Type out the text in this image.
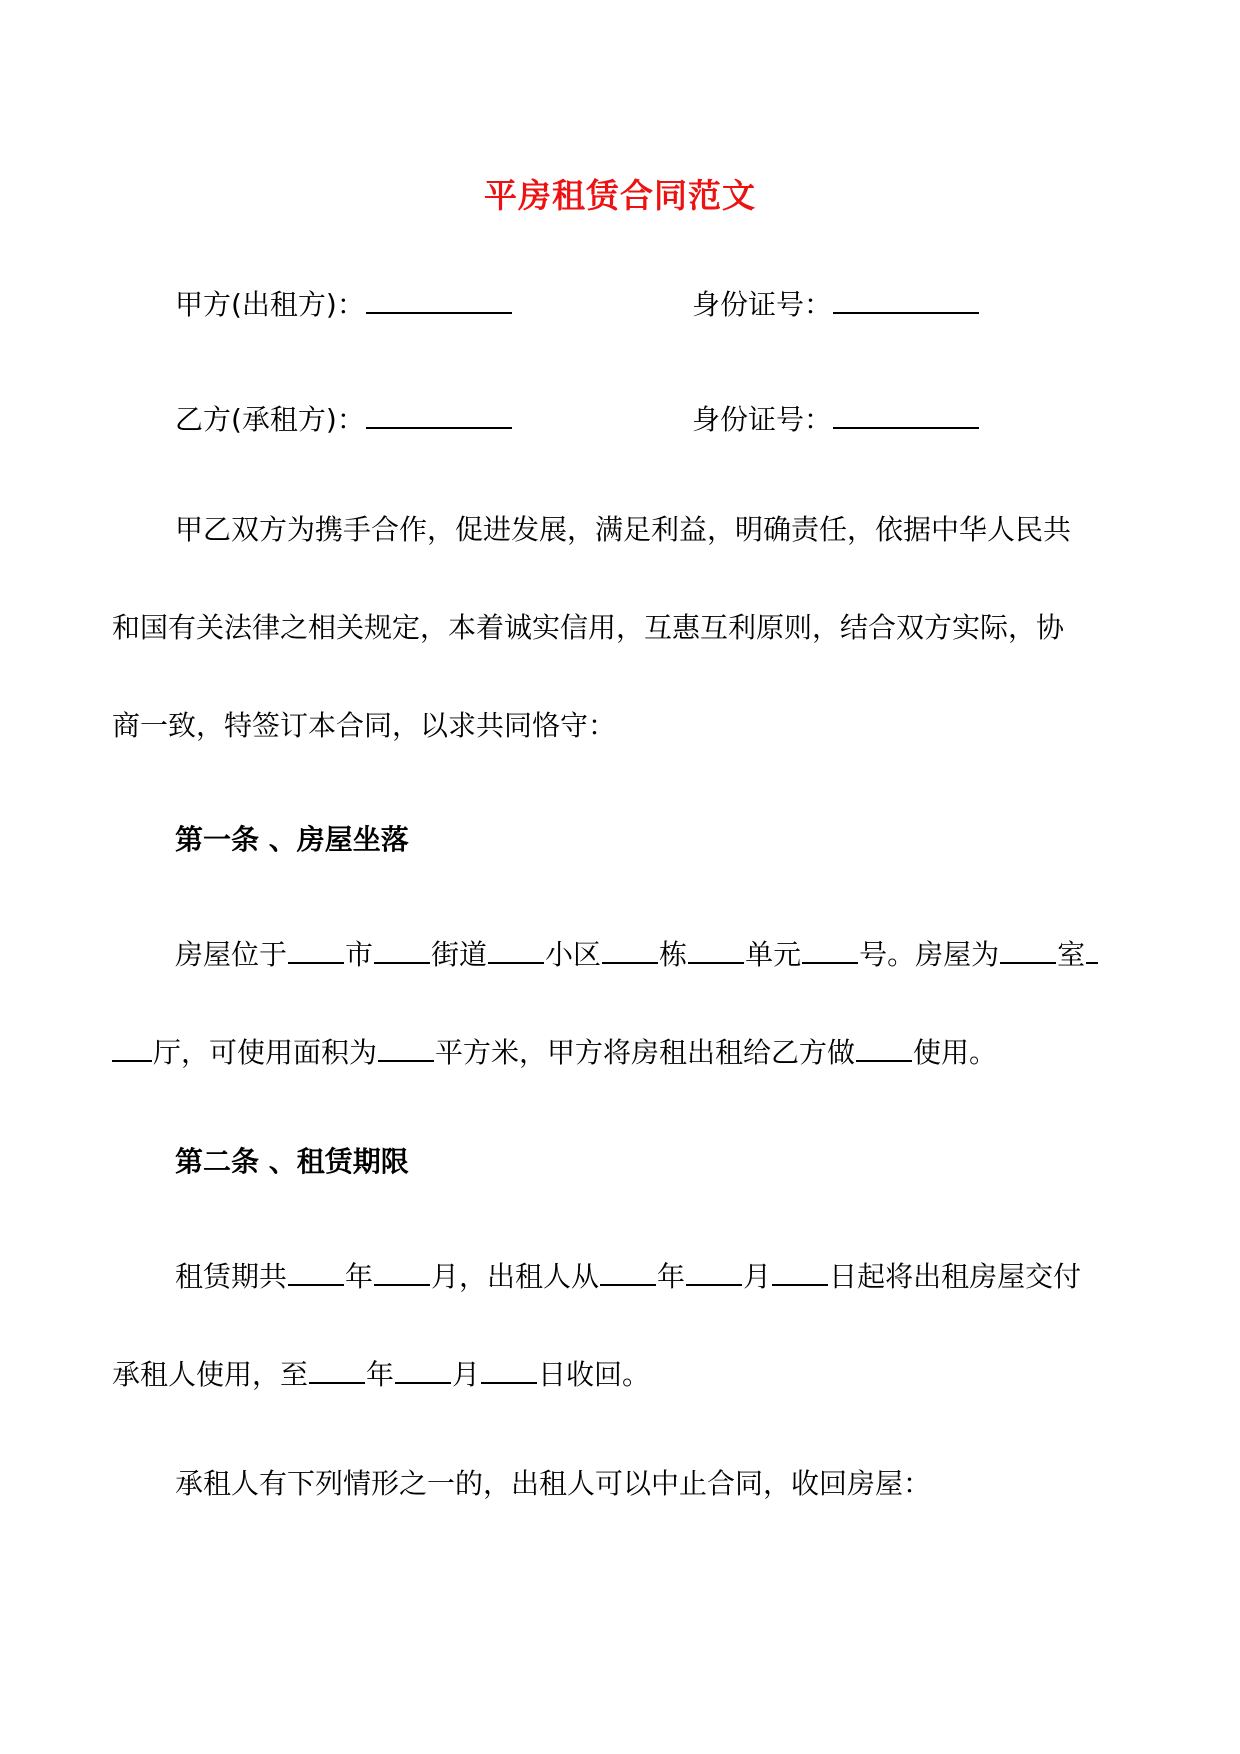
平房租赁合同范文
甲方(出租方)：	身份证号：
乙方(承租方)：	身份证号：
甲乙双方为携手合作，促进发展，满足利益，明确责任，依据中华人民共
和国有关法律之相关规定，本着诚实信用，互惠互利原则，结合双方实际，协
商一致，特签订本合同，以求共同恪守：
第一条 、房屋坐落
房屋位于 市 街道 小区 栋 单元 号。房屋为 室
厅，可使用面积为 平方米，甲方将房租出租给乙方做 使用。
第二条 、租赁期限
租赁期共 年 月，出租人从 年 月 日起将出租房屋交付
承租人使用，至 年 月 日收回。
承租人有下列情形之一的，出租人可以中止合同，收回房屋：
